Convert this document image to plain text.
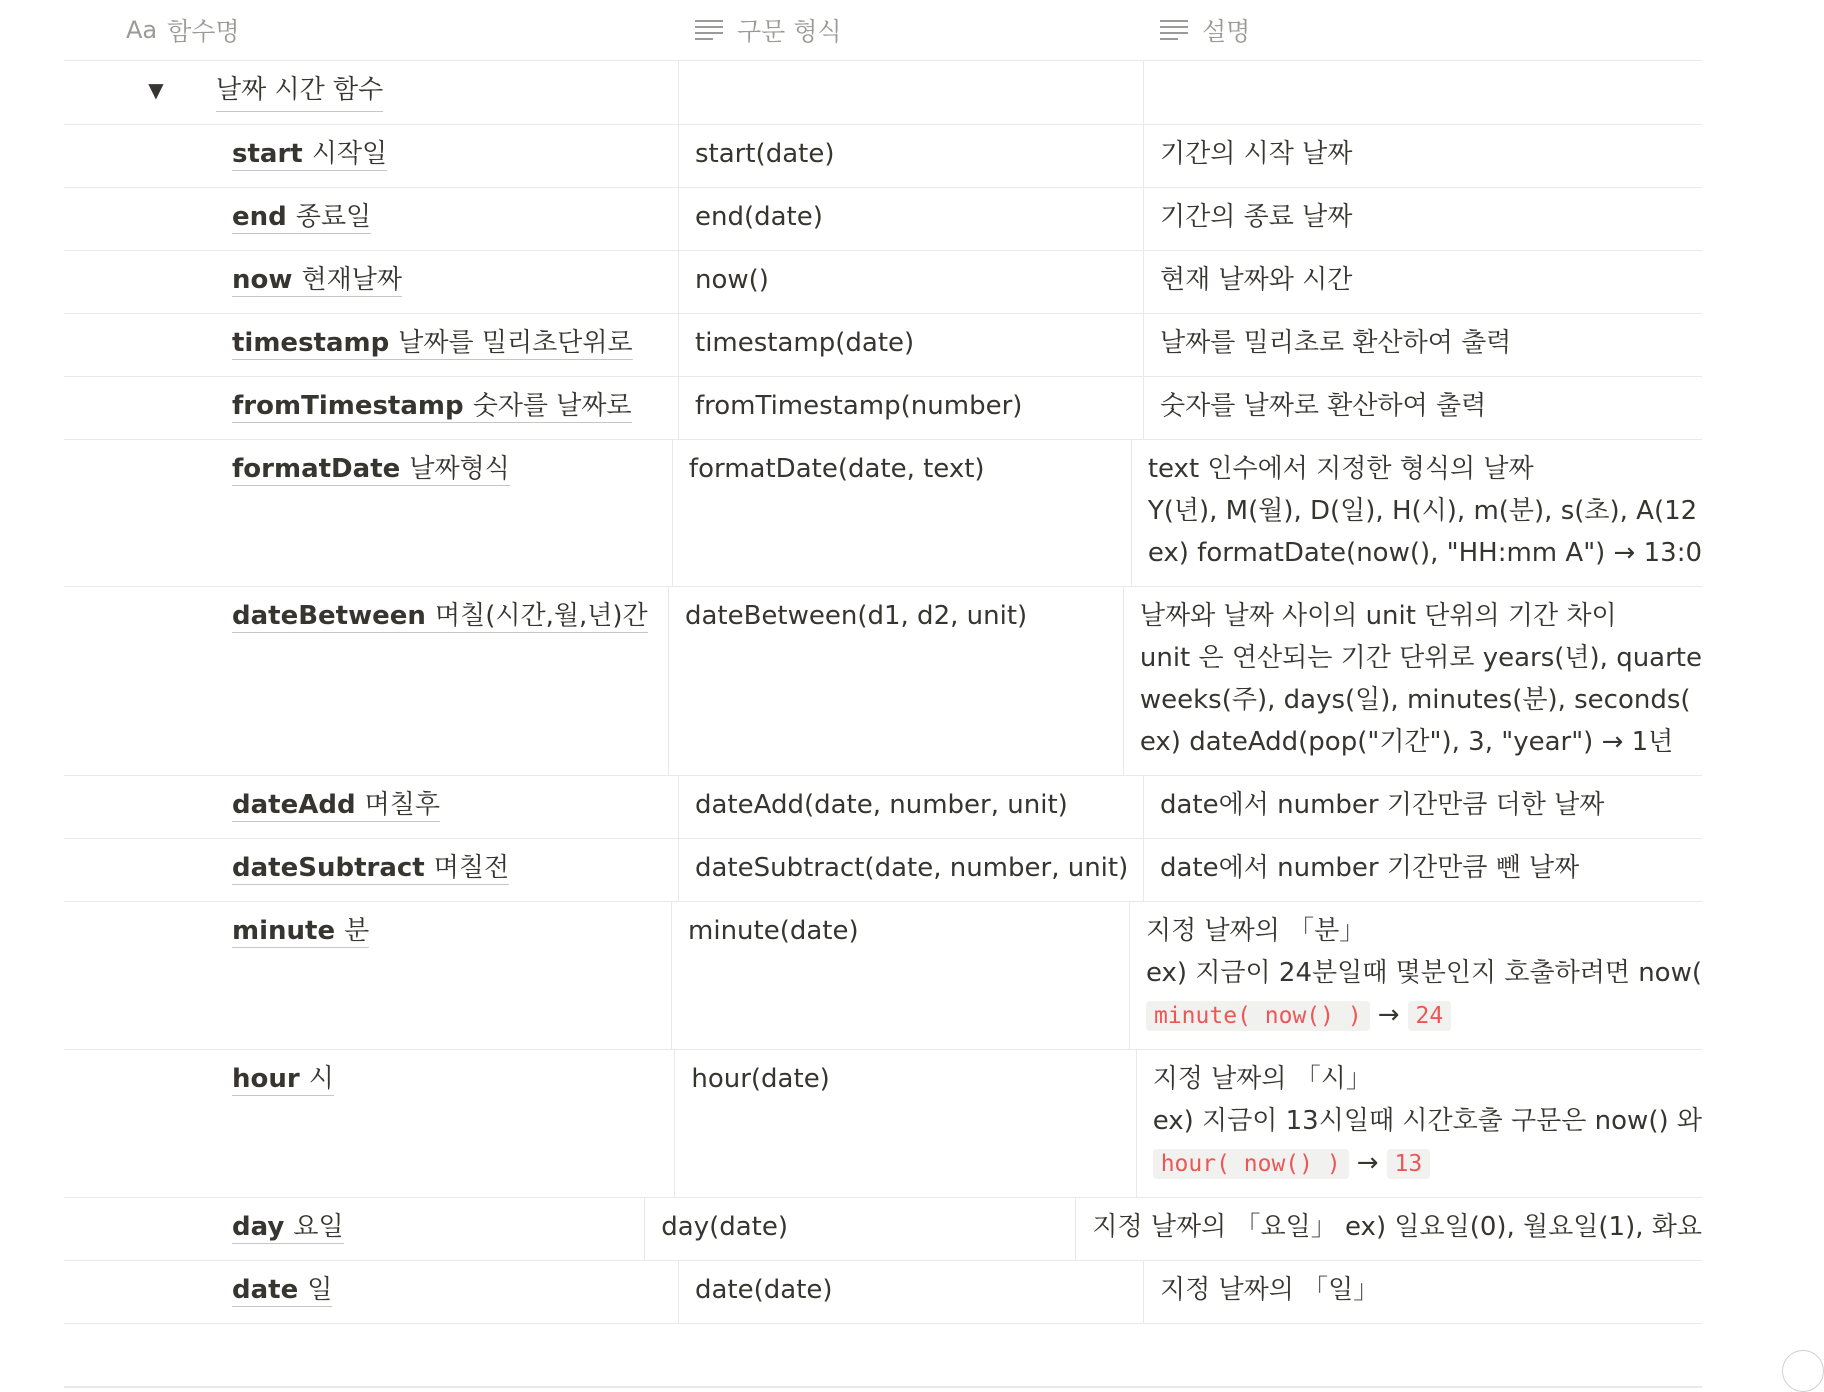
Aa 함수명	구문 형식	설명
▼	날짜 시간 함수
start 시작일	start(date)	기간의 시작 날짜
end 종료일	end(date)	기간의 종료 날짜
now 현재날짜	now()	현재 날짜와 시간
timestamp 날짜를 밀리초단위로	timestamp(date)	날짜를 밀리초로 환산하여 출력
fromTimestamp 숫자를 날짜로	fromTimestamp(number)	숫자를 날짜로 환산하여 출력
formatDate 날짜형식	formatDate(date, text)	text 인수에서 지정한 형식의 날짜
Y(년), M(월), D(일), H(시), m(분), s(초), A(12
ex) formatDate(now(), "HH:mm A") → 13:0
dateBetween 며칠(시간,월,년)간	dateBetween(d1, d2, unit)	날짜와 날짜 사이의 unit 단위의 기간 차이
unit 은 연산되는 기간 단위로 years(년), quarte
weeks(주), days(일), minutes(분), seconds(
ex) dateAdd(pop("기간"), 3, "year") → 1년
dateAdd 며칠후	dateAdd(date, number, unit)	date에서 number 기간만큼 더한 날짜
dateSubtract 며칠전	dateSubtract(date, number, unit)	date에서 number 기간만큼 뺀 날짜
minute 분	minute(date)	지정 날짜의 「분」
ex) 지금이 24분일때 몇분인지 호출하려면 now(
minute( now() ) → 24
hour 시	hour(date)	지정 날짜의 「시」
ex) 지금이 13시일때 시간호출 구문은 now() 와
hour( now() ) → 13
day 요일	day(date)	지정 날짜의 「요일」 ex) 일요일(0), 월요일(1), 화요
date 일	date(date)	지정 날짜의 「일」
